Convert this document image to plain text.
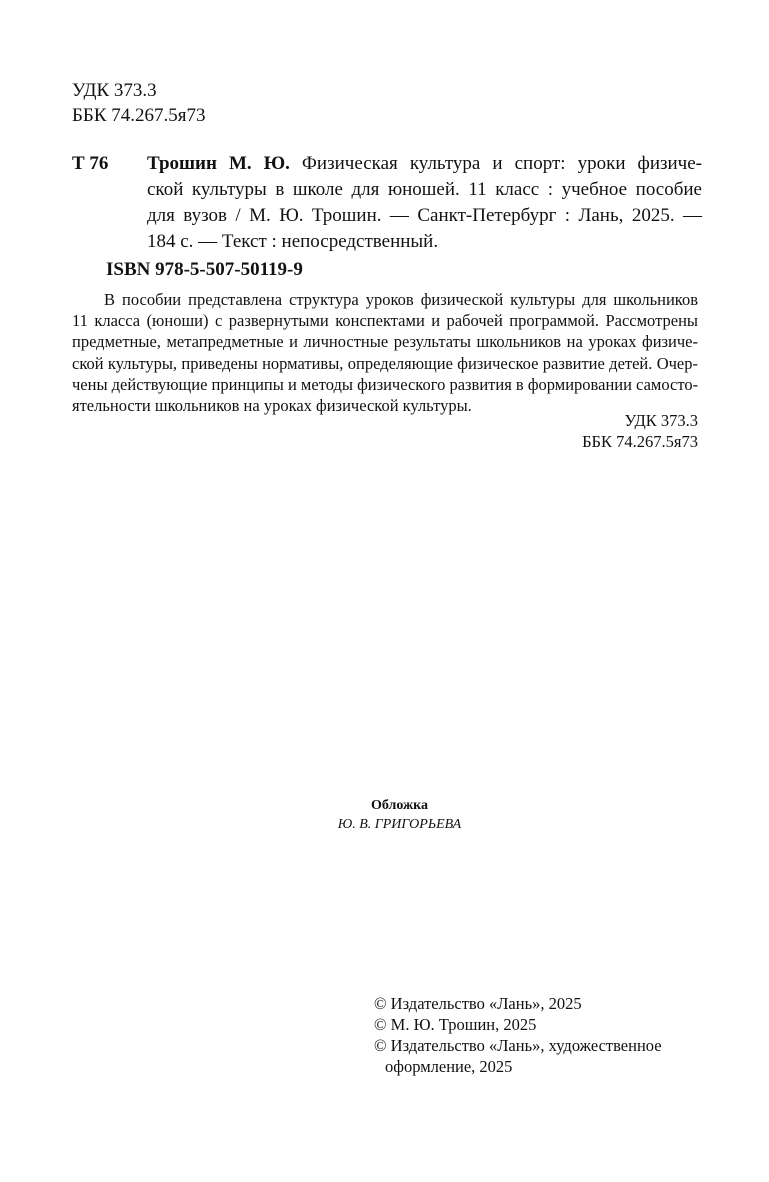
УДК 373.3
ББК 74.267.5я73
Т 76 Трошин М. Ю. Физическая культура и спорт: уроки физиче-
ской культуры в школе для юношей. 11 класс : учебное пособие
для вузов / М. Ю. Трошин. — Санкт-Петербург : Лань, 2025. —
184 с. — Текст : непосредственный.
ISBN 978-5-507-50119-9
В пособии представлена структура уроков физической культуры для школьников
11 класса (юноши) с развернутыми конспектами и рабочей программой. Рассмотрены
предметные, метапредметные и личностные результаты школьников на уроках физиче-
ской культуры, приведены нормативы, определяющие физическое развитие детей. Очер-
чены действующие принципы и методы физического развития в формировании самосто-
ятельности школьников на уроках физической культуры.
УДК 373.3
ББК 74.267.5я73
Обложка
Ю. В. ГРИГОРЬЕВА
© Издательство «Лань», 2025
© М. Ю. Трошин, 2025
© Издательство «Лань», художественное
оформление, 2025
